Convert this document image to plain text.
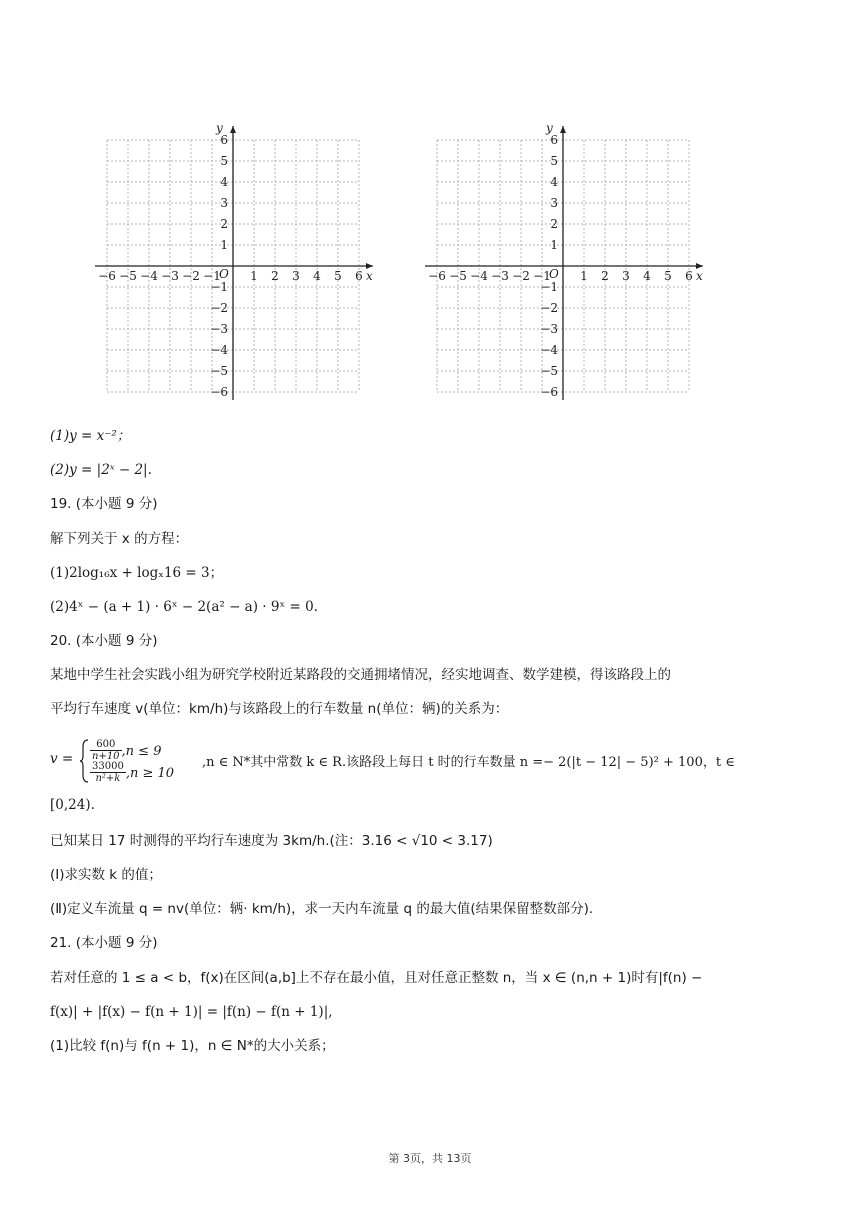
y
x
O
−6 −5 −4 −3 −2 −1 1 2 3 4 5 6
6
5
4
3
2
1
−1
−2
−3
−4
−5
−6
y
x
O
−6 −5 −4 −3 −2 −1 1 2 3 4 5 6
6
5
4
3
2
1
−1
−2
−3
−4
−5
−6
(1)y = x⁻²；
(2)y = |2ˣ − 2|.
19. (本小题 9 分)
解下列关于 x 的方程：
(1)2log₁₆x + logₓ16 = 3；
(2)4ˣ − (a + 1) · 6ˣ − 2(a² − a) · 9ˣ = 0.
20. (本小题 9 分)
某地中学生社会实践小组为研究学校附近某路段的交通拥堵情况，经实地调查、数学建模，得该路段上的
平均行车速度 v(单位：km/h)与该路段上的行车数量 n(单位：辆)的关系为：
$v = \frac{600}{n+10} ,n \le 9$
$\frac{33000}{\text{n²+k}} ,n \ge 10$
,n ∈ N*其中常数 k ∈ R.该路段上每日 t 时的行车数量 n =− 2(|t − 12| − 5)² + 100，t ∈
[0,24).
已知某日 17 时测得的平均行车速度为 3km/h.(注：3.16 < √10 < 3.17)
(Ⅰ)求实数 k 的值；
(Ⅱ)定义车流量 q = nv(单位：辆· km/h)，求一天内车流量 q 的最大值(结果保留整数部分).
21. (本小题 9 分)
若对任意的 1 ≤ a < b，f(x)在区间(a,b]上不存在最小值，且对任意正整数 n，当 x ∈ (n,n + 1)时有|f(n) −
f(x)| + |f(x) − f(n + 1)| = |f(n) − f(n + 1)|,
(1)比较 f(n)与 f(n + 1)，n ∈ N*的大小关系；
第 3页，共 13页
